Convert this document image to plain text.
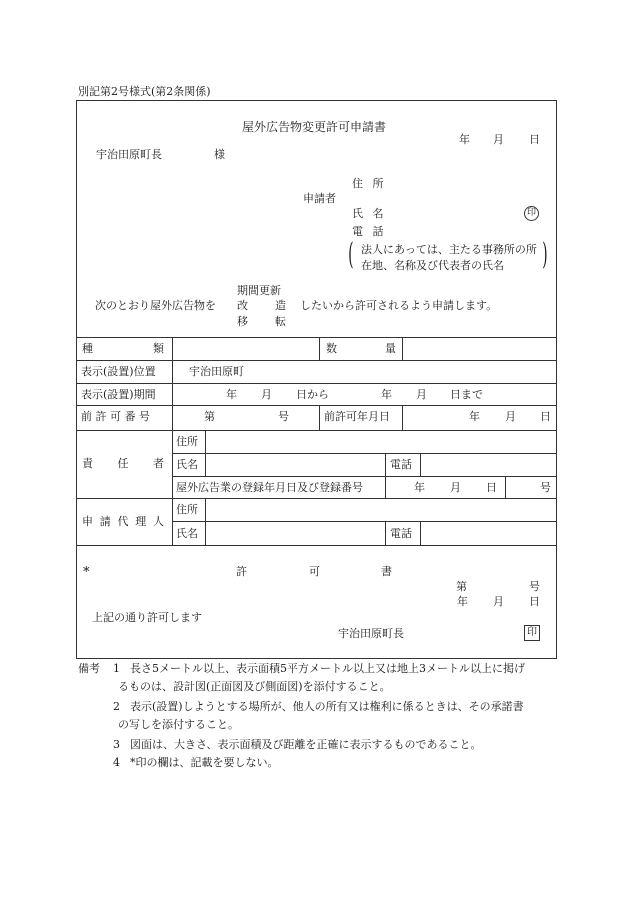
別記第2号様式(第2条関係)
屋外広告物変更許可申請書
年 月 日
宇治田原町長	様
住 所
申請者
氏 名	印
電 話
( 法人にあっては、主たる事務所の所
在地、名称及び代表者の氏名 )
期間更新
次のとおり屋外広告物を 改 造 したいから許可されるよう申請します。
移 転
種 類	数 量
表示(設置)位置	宇治田原町
表示(設置)期間	年 月 日から	年 月 日まで
前 許 可 番 号	第	号	前許可年月日	年 月 日
責 任 者
住所
氏名	電話
屋外広告業の登録年月日及び登録番号	年 月 日	号
申 請 代 理 人
住所
氏名	電話
*	許	可	書
第	号
年 月 日
上記の通り許可します
宇治田原町長	印
備考 1 長さ5メートル以上、表示面積5平方メートル以上又は地上3メートル以上に掲げ
るものは、設計図(正面図及び側面図)を添付すること。
2 表示(設置)しようとする場所が、他人の所有又は権利に係るときは、その承諾書
の写しを添付すること。
3 図面は、大きさ、表示面積及び距離を正確に表示するものであること。
4 *印の欄は、記載を要しない。
